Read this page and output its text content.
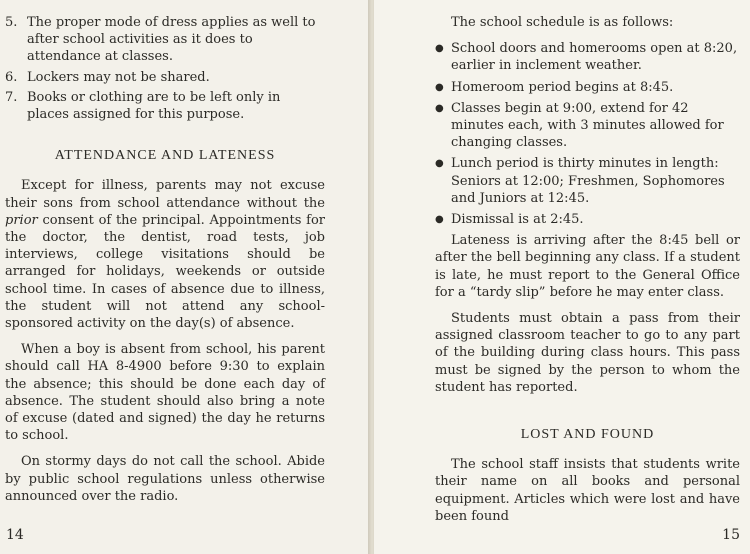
5. The proper mode of dress applies as well to after school activities as it does to attendance at classes.
6. Lockers may not be shared.
7. Books or clothing are to be left only in places assigned for this purpose.
ATTENDANCE AND LATENESS

Except for illness, parents may not excuse their sons from school attendance without the prior consent of the principal. Appointments for the doctor, the dentist, road tests, job interviews, college visitations should be arranged for holidays, weekends or outside school time. In cases of absence due to illness, the student will not attend any school-sponsored activity on the day(s) of absence.

When a boy is absent from school, his parent should call HA 8-4900 before 9:30 to explain the absence; this should be done each day of absence. The student should also bring a note of excuse (dated and signed) the day he returns to school.

On stormy days do not call the school. Abide by public school regulations unless otherwise announced over the radio.

14

The school schedule is as follows:

● School doors and homerooms open at 8:20, earlier in inclement weather.
● Homeroom period begins at 8:45.
● Classes begin at 9:00, extend for 42 minutes each, with 3 minutes allowed for changing classes.
● Lunch period is thirty minutes in length: Seniors at 12:00; Freshmen, Sophomores and Juniors at 12:45.
● Dismissal is at 2:45.

Lateness is arriving after the 8:45 bell or after the bell beginning any class. If a student is late, he must report to the General Office for a “tardy slip” before he may enter class.

Students must obtain a pass from their assigned classroom teacher to go to any part of the building during class hours. This pass must be signed by the person to whom the student has reported.

LOST AND FOUND

The school staff insists that students write their name on all books and personal equipment. Articles which were lost and have been found

15
